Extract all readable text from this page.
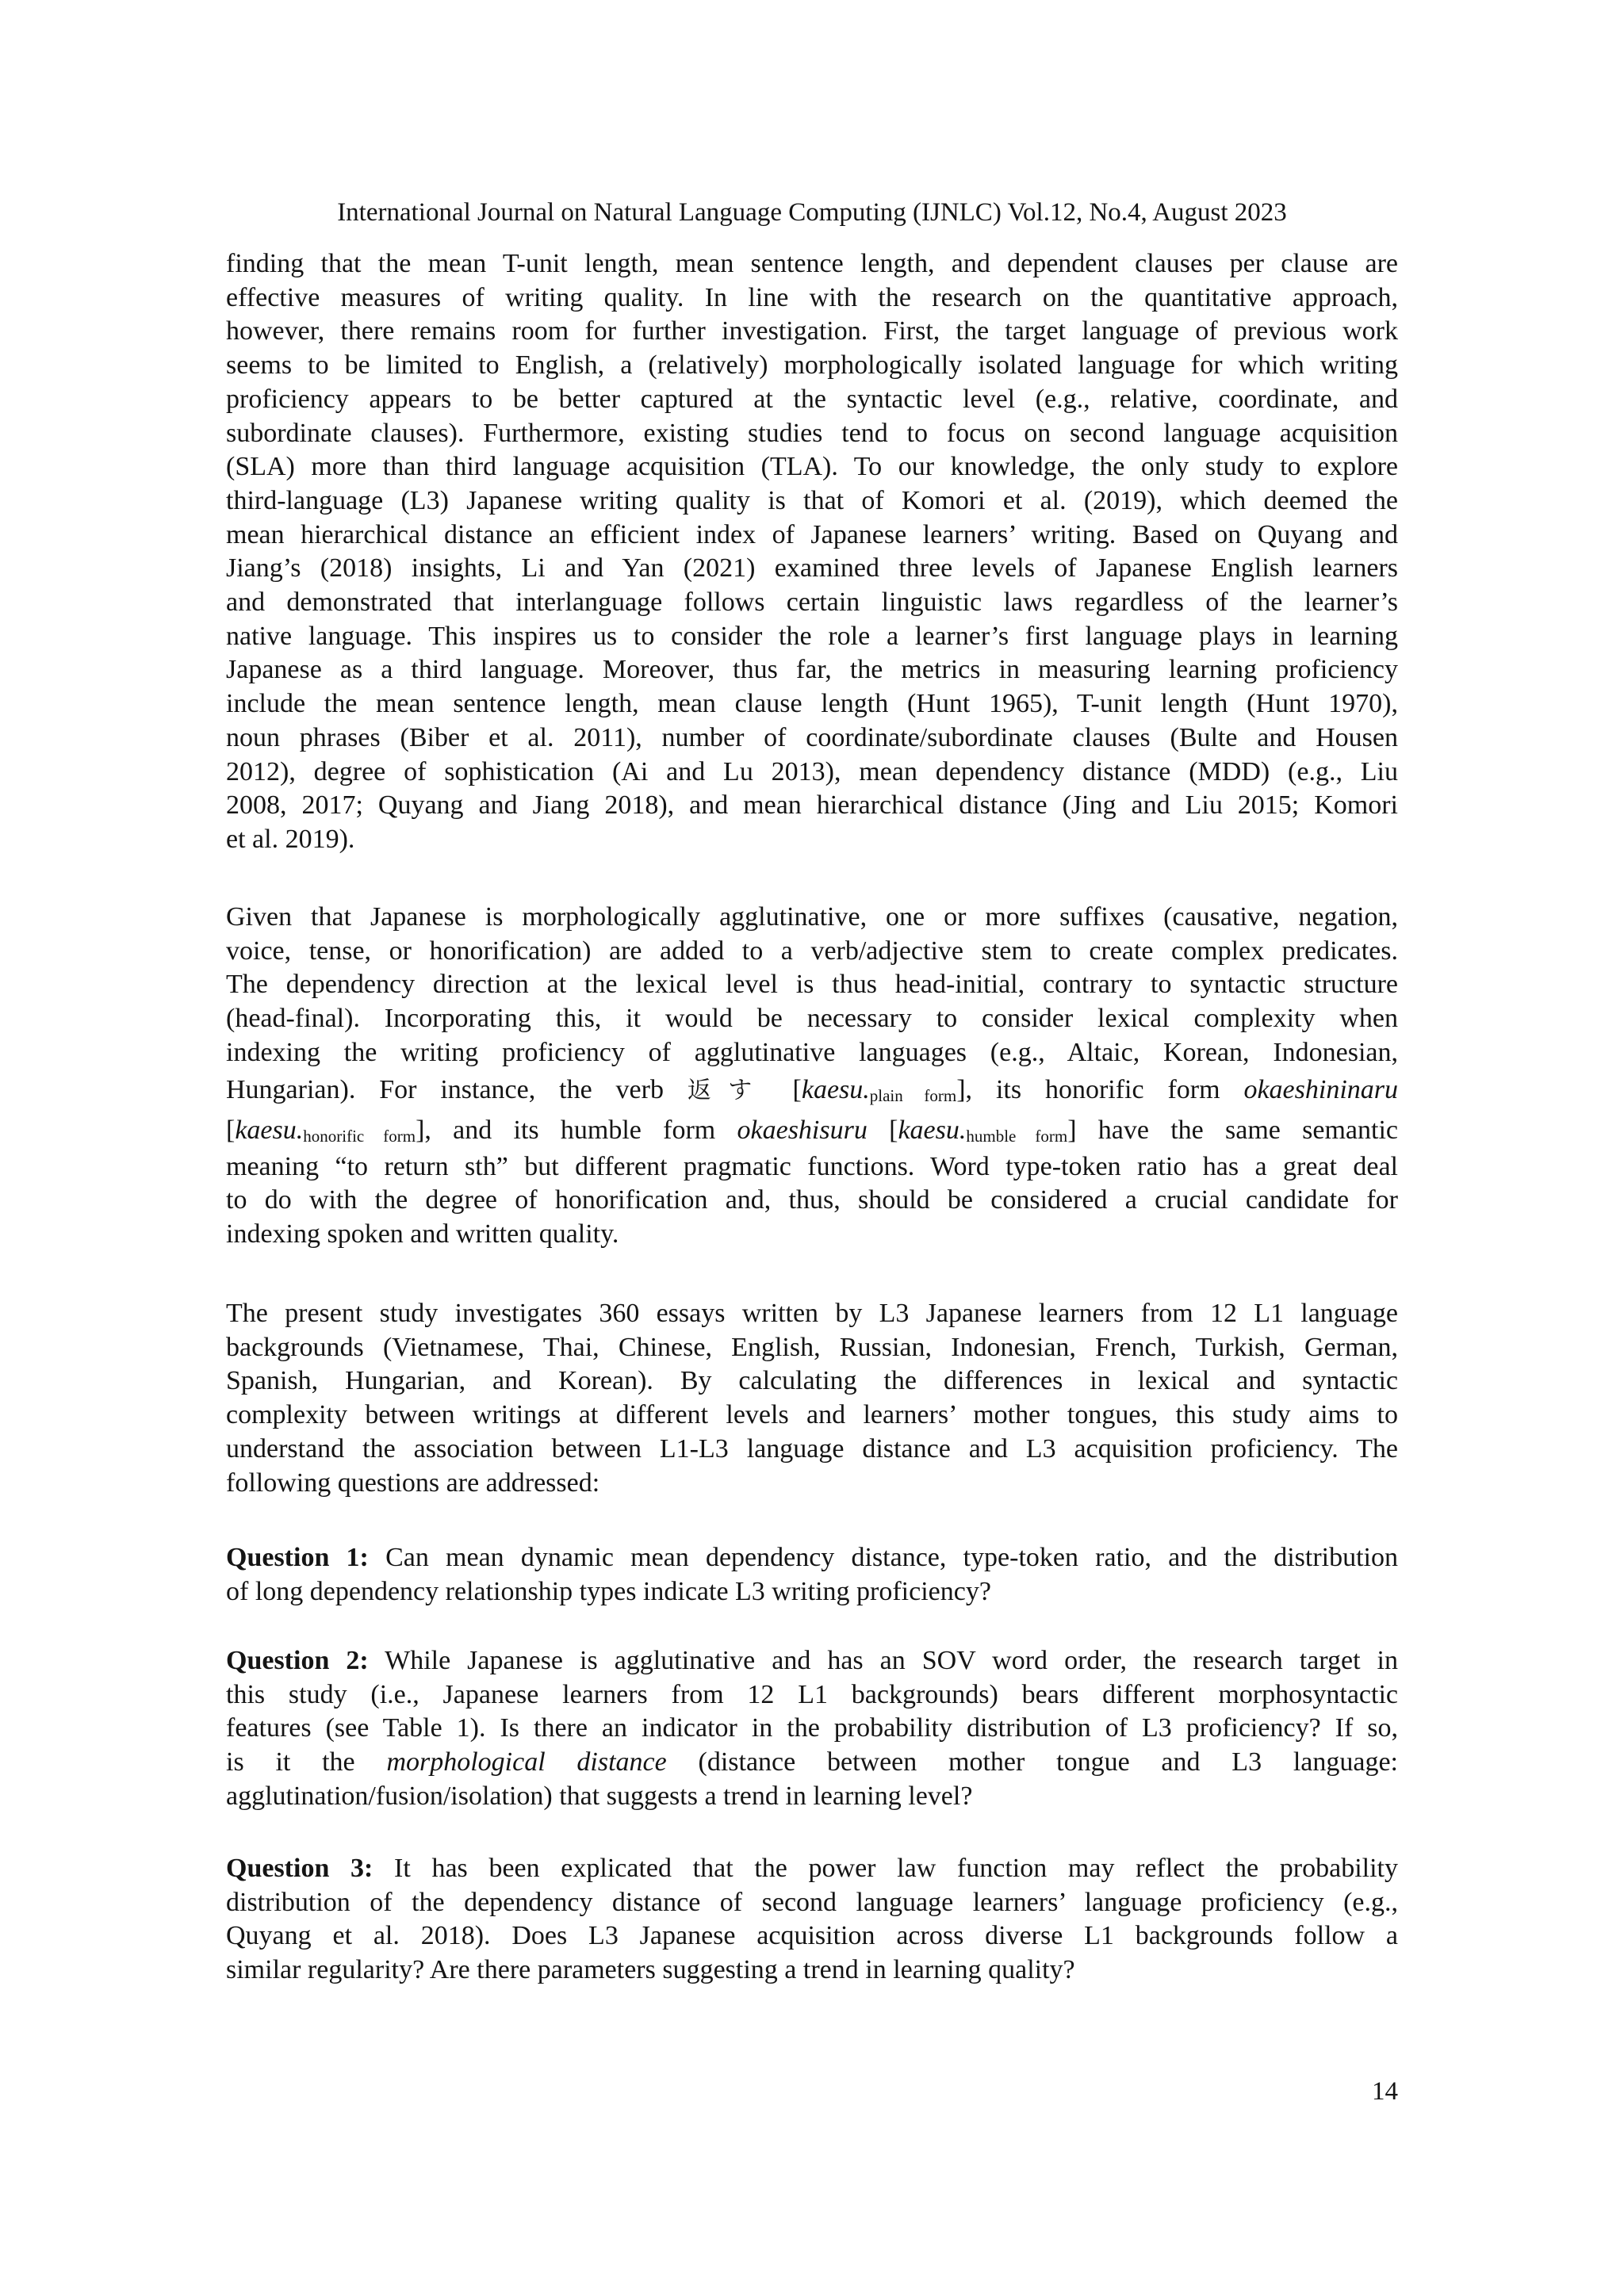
International Journal on Natural Language Computing (IJNLC) Vol.12, No.4, August 2023
finding that the mean T-unit length, mean sentence length, and dependent clauses per clause are
effective measures of writing quality. In line with the research on the quantitative approach,
however, there remains room for further investigation. First, the target language of previous work
seems to be limited to English, a (relatively) morphologically isolated language for which writing
proficiency appears to be better captured at the syntactic level (e.g., relative, coordinate, and
subordinate clauses). Furthermore, existing studies tend to focus on second language acquisition
(SLA) more than third language acquisition (TLA). To our knowledge, the only study to explore
third-language (L3) Japanese writing quality is that of Komori et al. (2019), which deemed the
mean hierarchical distance an efficient index of Japanese learners’ writing. Based on Quyang and
Jiang’s (2018) insights, Li and Yan (2021) examined three levels of Japanese English learners
and demonstrated that interlanguage follows certain linguistic laws regardless of the learner’s
native language. This inspires us to consider the role a learner’s first language plays in learning
Japanese as a third language. Moreover, thus far, the metrics in measuring learning proficiency
include the mean sentence length, mean clause length (Hunt 1965), T-unit length (Hunt 1970),
noun phrases (Biber et al. 2011), number of coordinate/subordinate clauses (Bulte and Housen
2012), degree of sophistication (Ai and Lu 2013), mean dependency distance (MDD) (e.g., Liu
2008, 2017; Quyang and Jiang 2018), and mean hierarchical distance (Jing and Liu 2015; Komori
et al. 2019).
Given that Japanese is morphologically agglutinative, one or more suffixes (causative, negation,
voice, tense, or honorification) are added to a verb/adjective stem to create complex predicates.
The dependency direction at the lexical level is thus head-initial, contrary to syntactic structure
(head-final). Incorporating this, it would be necessary to consider lexical complexity when
indexing the writing proficiency of agglutinative languages (e.g., Altaic, Korean, Indonesian,
Hungarian). For instance, the verb 返す $[kaesu._{plain form}]$, its honorific form okaeshininaru
$[kaesu._{honorific form}]$, and its humble form okaeshisuru $[kaesu._{humble form}]$ have the same semantic
meaning “to return sth” but different pragmatic functions. Word type-token ratio has a great deal
to do with the degree of honorification and, thus, should be considered a crucial candidate for
indexing spoken and written quality.
The present study investigates 360 essays written by L3 Japanese learners from 12 L1 language
backgrounds (Vietnamese, Thai, Chinese, English, Russian, Indonesian, French, Turkish, German,
Spanish, Hungarian, and Korean). By calculating the differences in lexical and syntactic
complexity between writings at different levels and learners’ mother tongues, this study aims to
understand the association between L1-L3 language distance and L3 acquisition proficiency. The
following questions are addressed:
Question 1: Can mean dynamic mean dependency distance, type-token ratio, and the distribution
of long dependency relationship types indicate L3 writing proficiency?
Question 2: While Japanese is agglutinative and has an SOV word order, the research target in
this study (i.e., Japanese learners from 12 L1 backgrounds) bears different morphosyntactic
features (see Table 1). Is there an indicator in the probability distribution of L3 proficiency? If so,
is it the morphological distance (distance between mother tongue and L3 language:
agglutination/fusion/isolation) that suggests a trend in learning level?
Question 3: It has been explicated that the power law function may reflect the probability
distribution of the dependency distance of second language learners’ language proficiency (e.g.,
Quyang et al. 2018). Does L3 Japanese acquisition across diverse L1 backgrounds follow a
similar regularity? Are there parameters suggesting a trend in learning quality?
14
